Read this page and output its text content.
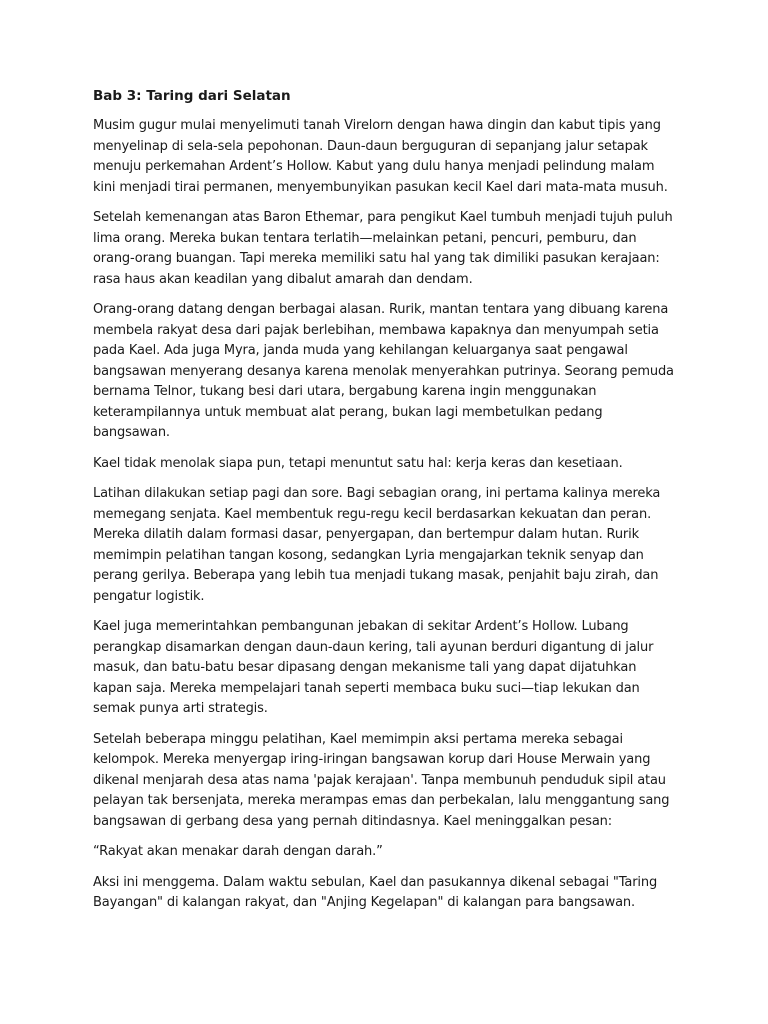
Bab 3: Taring dari Selatan

Musim gugur mulai menyelimuti tanah Virelorn dengan hawa dingin dan kabut tipis yang menyelinap di sela-sela pepohonan. Daun-daun berguguran di sepanjang jalur setapak menuju perkemahan Ardent’s Hollow. Kabut yang dulu hanya menjadi pelindung malam kini menjadi tirai permanen, menyembunyikan pasukan kecil Kael dari mata-mata musuh.

Setelah kemenangan atas Baron Ethemar, para pengikut Kael tumbuh menjadi tujuh puluh lima orang. Mereka bukan tentara terlatih—melainkan petani, pencuri, pemburu, dan orang-orang buangan. Tapi mereka memiliki satu hal yang tak dimiliki pasukan kerajaan: rasa haus akan keadilan yang dibalut amarah dan dendam.

Orang-orang datang dengan berbagai alasan. Rurik, mantan tentara yang dibuang karena membela rakyat desa dari pajak berlebihan, membawa kapaknya dan menyumpah setia pada Kael. Ada juga Myra, janda muda yang kehilangan keluarganya saat pengawal bangsawan menyerang desanya karena menolak menyerahkan putrinya. Seorang pemuda bernama Telnor, tukang besi dari utara, bergabung karena ingin menggunakan keterampilannya untuk membuat alat perang, bukan lagi membetulkan pedang bangsawan.

Kael tidak menolak siapa pun, tetapi menuntut satu hal: kerja keras dan kesetiaan.

Latihan dilakukan setiap pagi dan sore. Bagi sebagian orang, ini pertama kalinya mereka memegang senjata. Kael membentuk regu-regu kecil berdasarkan kekuatan dan peran. Mereka dilatih dalam formasi dasar, penyergapan, dan bertempur dalam hutan. Rurik memimpin pelatihan tangan kosong, sedangkan Lyria mengajarkan teknik senyap dan perang gerilya. Beberapa yang lebih tua menjadi tukang masak, penjahit baju zirah, dan pengatur logistik.

Kael juga memerintahkan pembangunan jebakan di sekitar Ardent’s Hollow. Lubang perangkap disamarkan dengan daun-daun kering, tali ayunan berduri digantung di jalur masuk, dan batu-batu besar dipasang dengan mekanisme tali yang dapat dijatuhkan kapan saja. Mereka mempelajari tanah seperti membaca buku suci—tiap lekukan dan semak punya arti strategis.

Setelah beberapa minggu pelatihan, Kael memimpin aksi pertama mereka sebagai kelompok. Mereka menyergap iring-iringan bangsawan korup dari House Merwain yang dikenal menjarah desa atas nama 'pajak kerajaan'. Tanpa membunuh penduduk sipil atau pelayan tak bersenjata, mereka merampas emas dan perbekalan, lalu menggantung sang bangsawan di gerbang desa yang pernah ditindasnya. Kael meninggalkan pesan:

“Rakyat akan menakar darah dengan darah.”

Aksi ini menggema. Dalam waktu sebulan, Kael dan pasukannya dikenal sebagai "Taring Bayangan" di kalangan rakyat, dan "Anjing Kegelapan" di kalangan para bangsawan.
